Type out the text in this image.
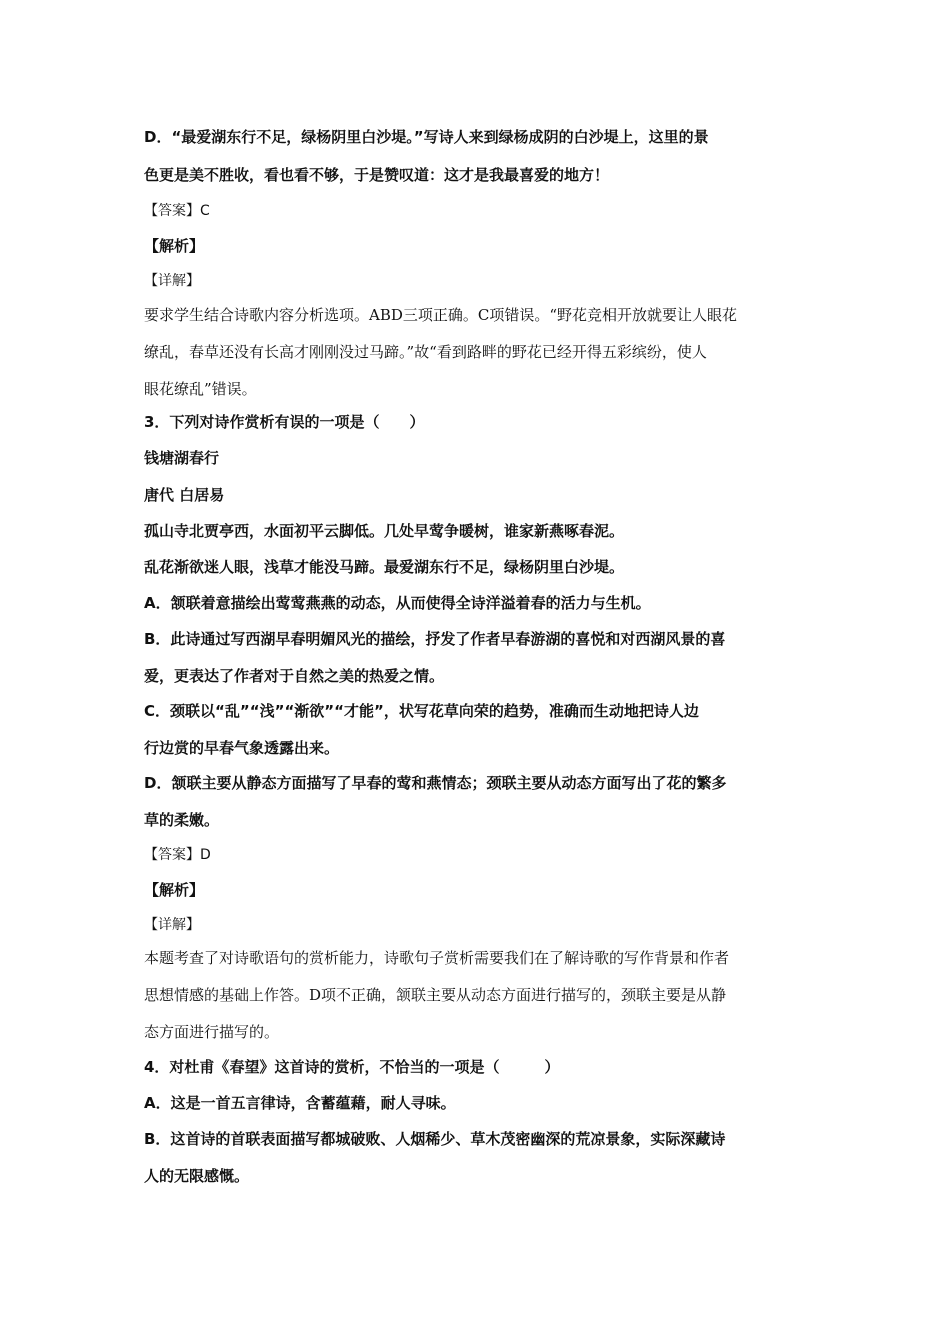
D．“最爱湖东行不足，绿杨阴里白沙堤。”写诗人来到绿杨成阴的白沙堤上，这里的景
色更是美不胜收，看也看不够，于是赞叹道：这才是我最喜爱的地方！
【答案】C
【解析】
【详解】
要求学生结合诗歌内容分析选项。ABD三项正确。C项错误。“野花竞相开放就要让人眼花
缭乱，春草还没有长高才刚刚没过马蹄。”故“看到路畔的野花已经开得五彩缤纷，使人
眼花缭乱”错误。
3．下列对诗作赏析有误的一项是（　　）
钱塘湖春行
唐代 白居易
孤山寺北贾亭西，水面初平云脚低。几处早莺争暖树，谁家新燕啄春泥。
乱花渐欲迷人眼，浅草才能没马蹄。最爱湖东行不足，绿杨阴里白沙堤。
A．颔联着意描绘出莺莺燕燕的动态，从而使得全诗洋溢着春的活力与生机。
B．此诗通过写西湖早春明媚风光的描绘，抒发了作者早春游湖的喜悦和对西湖风景的喜
爱，更表达了作者对于自然之美的热爱之情。
C．颈联以“乱”“浅”“渐欲”“才能”，状写花草向荣的趋势，准确而生动地把诗人边
行边赏的早春气象透露出来。
D．颔联主要从静态方面描写了早春的莺和燕情态；颈联主要从动态方面写出了花的繁多
草的柔嫩。
【答案】D
【解析】
【详解】
本题考查了对诗歌语句的赏析能力，诗歌句子赏析需要我们在了解诗歌的写作背景和作者
思想情感的基础上作答。D项不正确，颔联主要从动态方面进行描写的，颈联主要是从静
态方面进行描写的。
4．对杜甫《春望》这首诗的赏析，不恰当的一项是（　　　）
A．这是一首五言律诗，含蓄蕴藉，耐人寻味。
B．这首诗的首联表面描写都城破败、人烟稀少、草木茂密幽深的荒凉景象，实际深藏诗
人的无限感慨。
